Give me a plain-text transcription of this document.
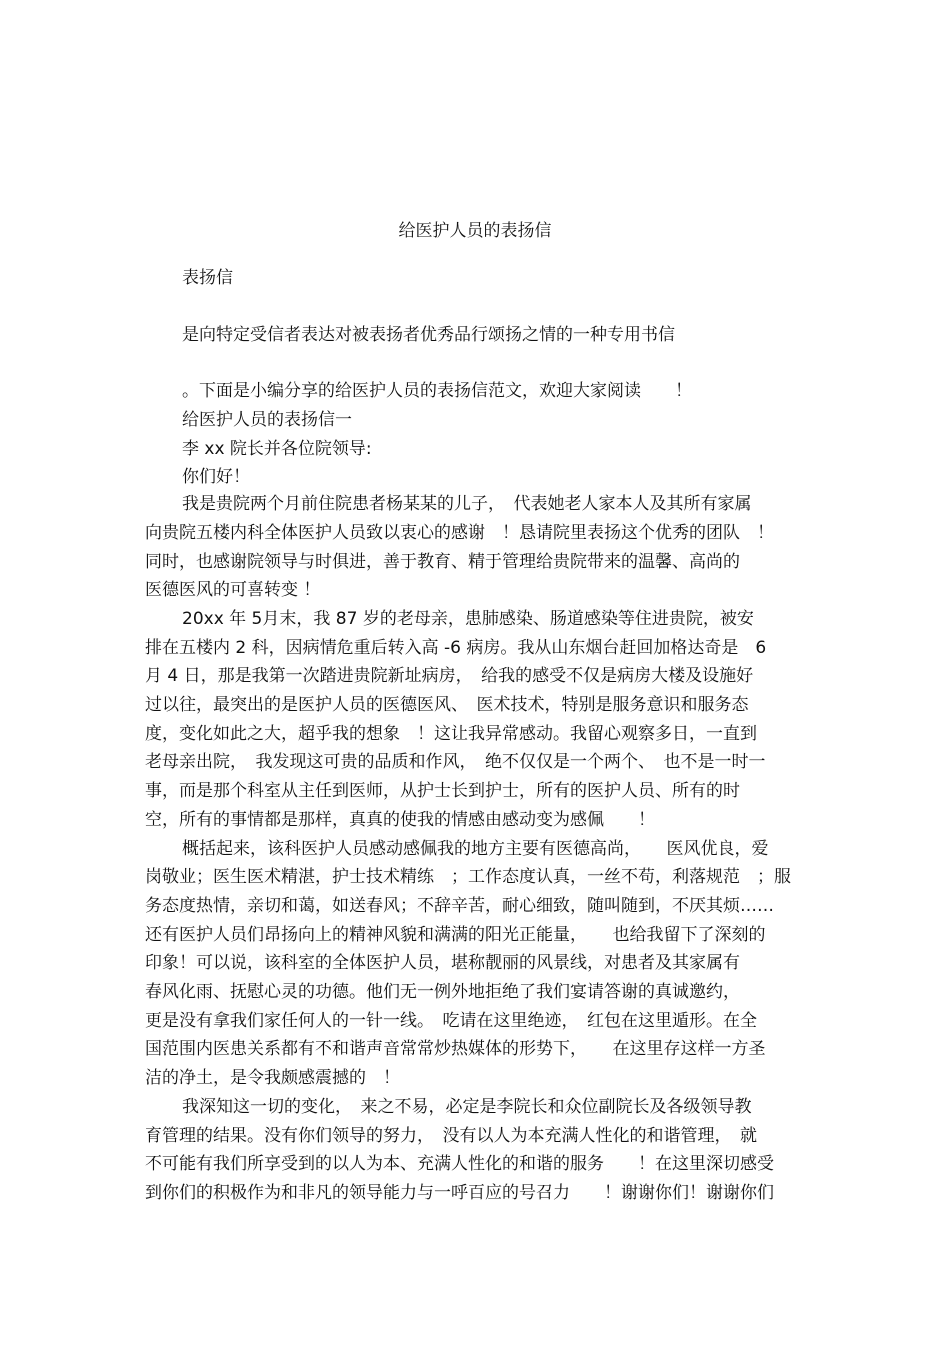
给医护人员的表扬信
表扬信
是向特定受信者表达对被表扬者优秀品行颂扬之情的一种专用书信
。下面是小编分享的给医护人员的表扬信范文，欢迎大家阅读　　！
给医护人员的表扬信一
李 xx 院长并各位院领导:
你们好！
我是贵院两个月前住院患者杨某某的儿子，　代表她老人家本人及其所有家属
向贵院五楼内科全体医护人员致以衷心的感谢　！恳请院里表扬这个优秀的团队　！
同时，也感谢院领导与时俱进，善于教育、精于管理给贵院带来的温馨、高尚的
医德医风的可喜转变 ！
20xx 年 5月末，我 87 岁的老母亲，患肺感染、肠道感染等住进贵院，被安
排在五楼内 2 科，因病情危重后转入高 -6 病房。我从山东烟台赶回加格达奇是　6
月 4 日，那是我第一次踏进贵院新址病房，　给我的感受不仅是病房大楼及设施好
过以往，最突出的是医护人员的医德医风、　医术技术，特别是服务意识和服务态
度，变化如此之大，超乎我的想象　！这让我异常感动。我留心观察多日，一直到
老母亲出院，　我发现这可贵的品质和作风，　绝不仅仅是一个两个、　也不是一时一
事，而是那个科室从主任到医师，从护士长到护士，所有的医护人员、所有的时
空，所有的事情都是那样，真真的使我的情感由感动变为感佩　　！
概括起来，该科医护人员感动感佩我的地方主要有医德高尚，　　医风优良，爱
岗敬业；医生医术精湛，护士技术精练　；工作态度认真，一丝不苟，利落规范　；服
务态度热情，亲切和蔼，如送春风；不辞辛苦，耐心细致，随叫随到，不厌其烦……
还有医护人员们昂扬向上的精神风貌和满满的阳光正能量，　　也给我留下了深刻的
印象！可以说，该科室的全体医护人员，堪称靓丽的风景线，对患者及其家属有
春风化雨、抚慰心灵的功德。他们无一例外地拒绝了我们宴请答谢的真诚邀约，
更是没有拿我们家任何人的一针一线。　吃请在这里绝迹，　红包在这里遁形。在全
国范围内医患关系都有不和谐声音常常炒热媒体的形势下，　　在这里存这样一方圣
洁的净土，是令我颇感震撼的　！
我深知这一切的变化，　来之不易，必定是李院长和众位副院长及各级领导教
育管理的结果。没有你们领导的努力，　没有以人为本充满人性化的和谐管理，　就
不可能有我们所享受到的以人为本、充满人性化的和谐的服务　　！在这里深切感受
到你们的积极作为和非凡的领导能力与一呼百应的号召力　　！谢谢你们！谢谢你们
